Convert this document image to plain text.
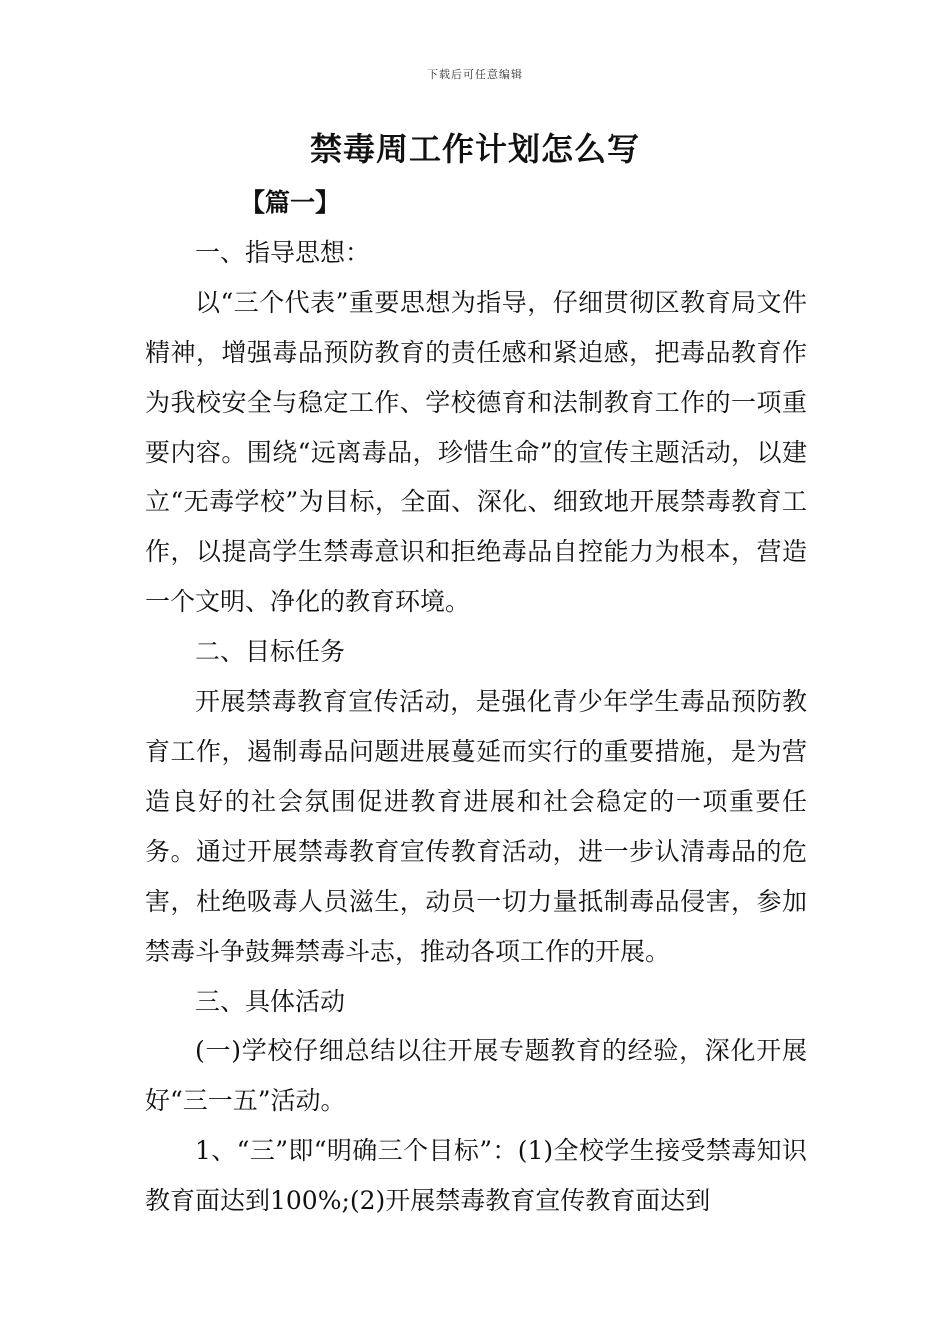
下载后可任意编辑
禁毒周工作计划怎么写

【篇一】

一、指导思想：

以“三个代表”重要思想为指导，仔细贯彻区教育局文件精神，增强毒品预防教育的责任感和紧迫感，把毒品教育作为我校安全与稳定工作、学校德育和法制教育工作的一项重要内容。围绕“远离毒品，珍惜生命”的宣传主题活动，以建立“无毒学校”为目标，全面、深化、细致地开展禁毒教育工作，以提高学生禁毒意识和拒绝毒品自控能力为根本，营造一个文明、净化的教育环境。

二、目标任务

开展禁毒教育宣传活动，是强化青少年学生毒品预防教育工作，遏制毒品问题进展蔓延而实行的重要措施，是为营造良好的社会氛围促进教育进展和社会稳定的一项重要任务。通过开展禁毒教育宣传教育活动，进一步认清毒品的危害，杜绝吸毒人员滋生，动员一切力量抵制毒品侵害，参加禁毒斗争鼓舞禁毒斗志，推动各项工作的开展。

三、具体活动

(一)学校仔细总结以往开展专题教育的经验，深化开展好“三一五”活动。

1、“三”即“明确三个目标”：(1)全校学生接受禁毒知识教育面达到100%;(2)开展禁毒教育宣传教育面达到
